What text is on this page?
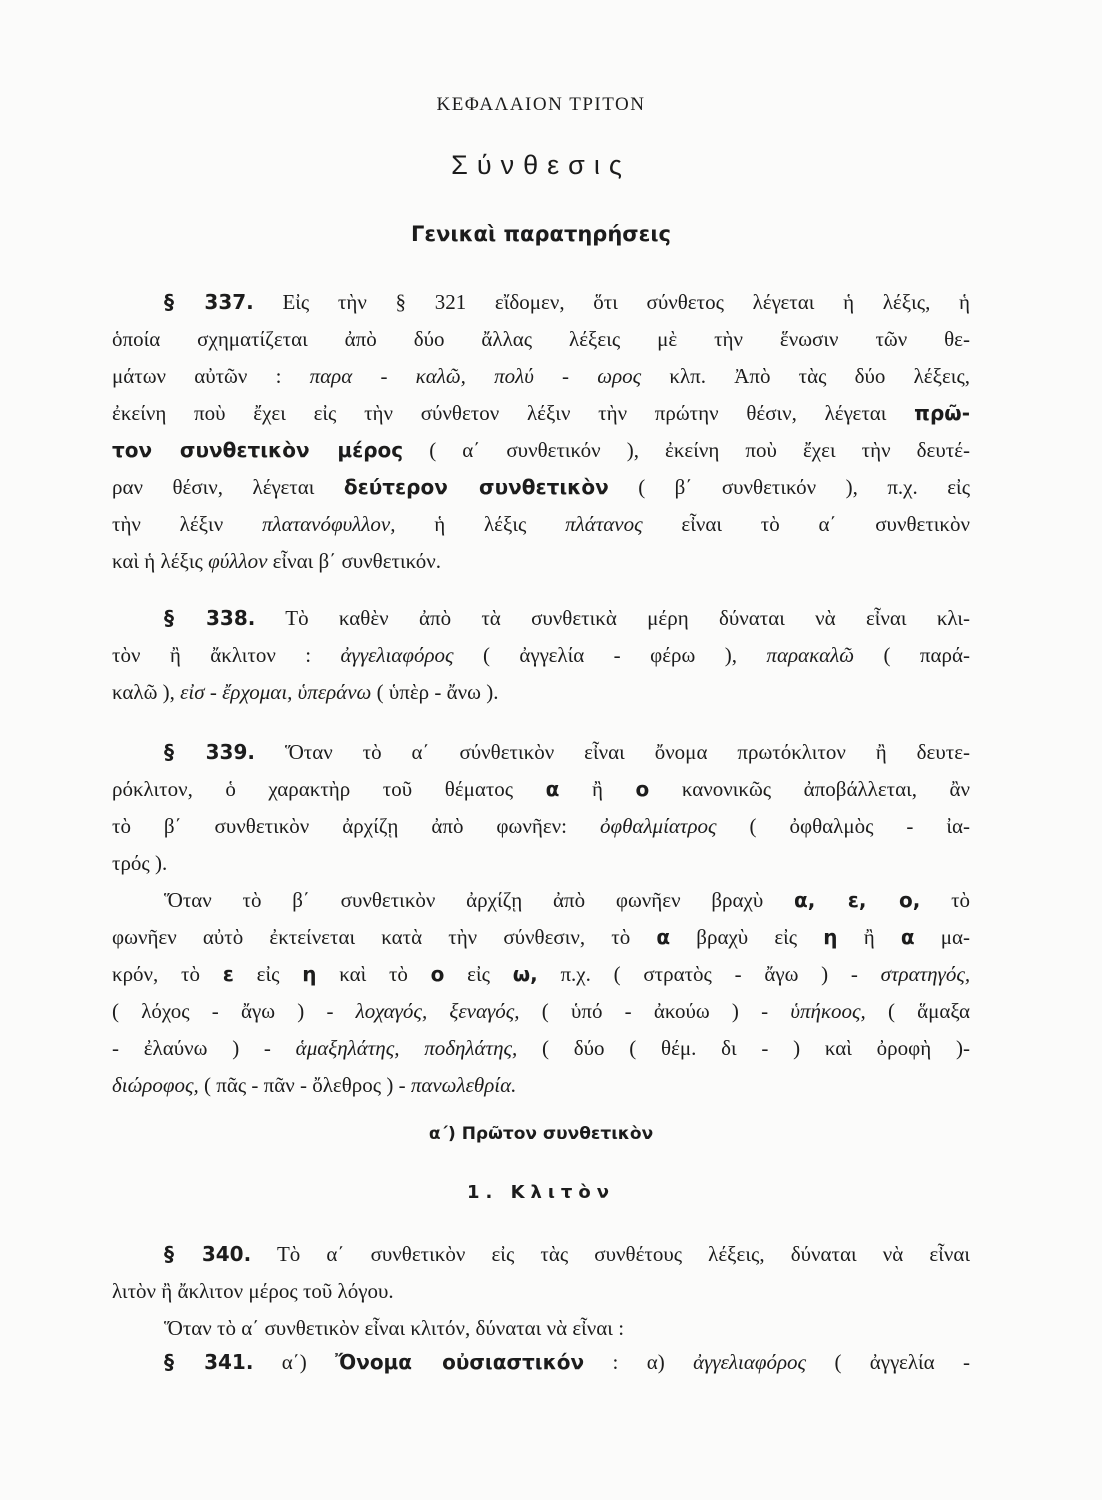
ΚΕΦΑΛΑΙΟΝ ΤΡΙΤΟΝ
Σύνθεσις
Γενικαὶ παρατηρήσεις
§ 337. Εἰς τὴν § 321 εἴδομεν, ὅτι σύνθετος λέγεται ἡ λέξις, ἡ
ὁποία σχηματίζεται ἀπὸ δύο ἄλλας λέξεις μὲ τὴν ἕνωσιν τῶν θε-
μάτων αὐτῶν : παρα - καλῶ, πολύ - ωρος κλπ. Ἀπὸ τὰς δύο λέξεις,
ἐκείνη ποὺ ἔχει εἰς τὴν σύνθετον λέξιν τὴν πρώτην θέσιν, λέγεται πρῶ-
τον συνθετικὸν μέρος ( α΄ συνθετικόν ), ἐκείνη ποὺ ἔχει τὴν δευτέ-
ραν θέσιν, λέγεται δεύτερον συνθετικὸν ( β΄ συνθετικόν ), π.χ. εἰς
τὴν λέξιν πλατανόφυλλον, ἡ λέξις πλάτανος εἶναι τὸ α΄ συνθετικὸν
καὶ ἡ λέξις φύλλον εἶναι β΄ συνθετικόν.
§ 338. Τὸ καθὲν ἀπὸ τὰ συνθετικὰ μέρη δύναται νὰ εἶναι κλι-
τὸν ἢ ἄκλιτον : ἀγγελιαφόρος ( ἀγγελία - φέρω ), παρακαλῶ ( παρά-
καλῶ ), εἰσ - ἔρχομαι, ὑπεράνω ( ὑπὲρ - ἄνω ).
§ 339. Ὅταν τὸ α΄ σύνθετικὸν εἶναι ὄνομα πρωτόκλιτον ἢ δευτε-
ρόκλιτον, ὁ χαρακτὴρ τοῦ θέματος α ἢ ο κανονικῶς ἀποβάλλεται, ἂν
τὸ β΄ συνθετικὸν ἀρχίζῃ ἀπὸ φωνῆεν: ὀφθαλμίατρος ( ὀφθαλμὸς - ἰα-
τρός ).
Ὅταν τὸ β΄ συνθετικὸν ἀρχίζῃ ἀπὸ φωνῆεν βραχὺ α, ε, ο, τὸ
φωνῆεν αὐτὸ ἐκτείνεται κατὰ τὴν σύνθεσιν, τὸ α βραχὺ εἰς η ἢ α μα-
κρόν, τὸ ε εἰς η καὶ τὸ ο εἰς ω, π.χ. ( στρατὸς - ἄγω ) - στρατηγός,
( λόχος - ἄγω ) - λοχαγός, ξεναγός, ( ὑπό - ἀκούω ) - ὑπήκοος, ( ἅμαξα
- ἐλαύνω ) - ἁμαξηλάτης, ποδηλάτης, ( δύο ( θέμ. δι - ) καὶ ὀροφὴ )-
διώροφος, ( πᾶς - πᾶν - ὄλεθρος ) - πανωλεθρία.
α΄) Πρῶτον συνθετικὸν
1. Κλιτὸν
§ 340. Τὸ α΄ συνθετικὸν εἰς τὰς συνθέτους λέξεις, δύναται νὰ εἶναι
λιτὸν ἢ ἄκλιτον μέρος τοῦ λόγου.
Ὅταν τὸ α΄ συνθετικὸν εἶναι κλιτόν, δύναται νὰ εἶναι :
§ 341. α΄) Ὄνομα οὐσιαστικόν : α) ἀγγελιαφόρος ( ἀγγελία -
